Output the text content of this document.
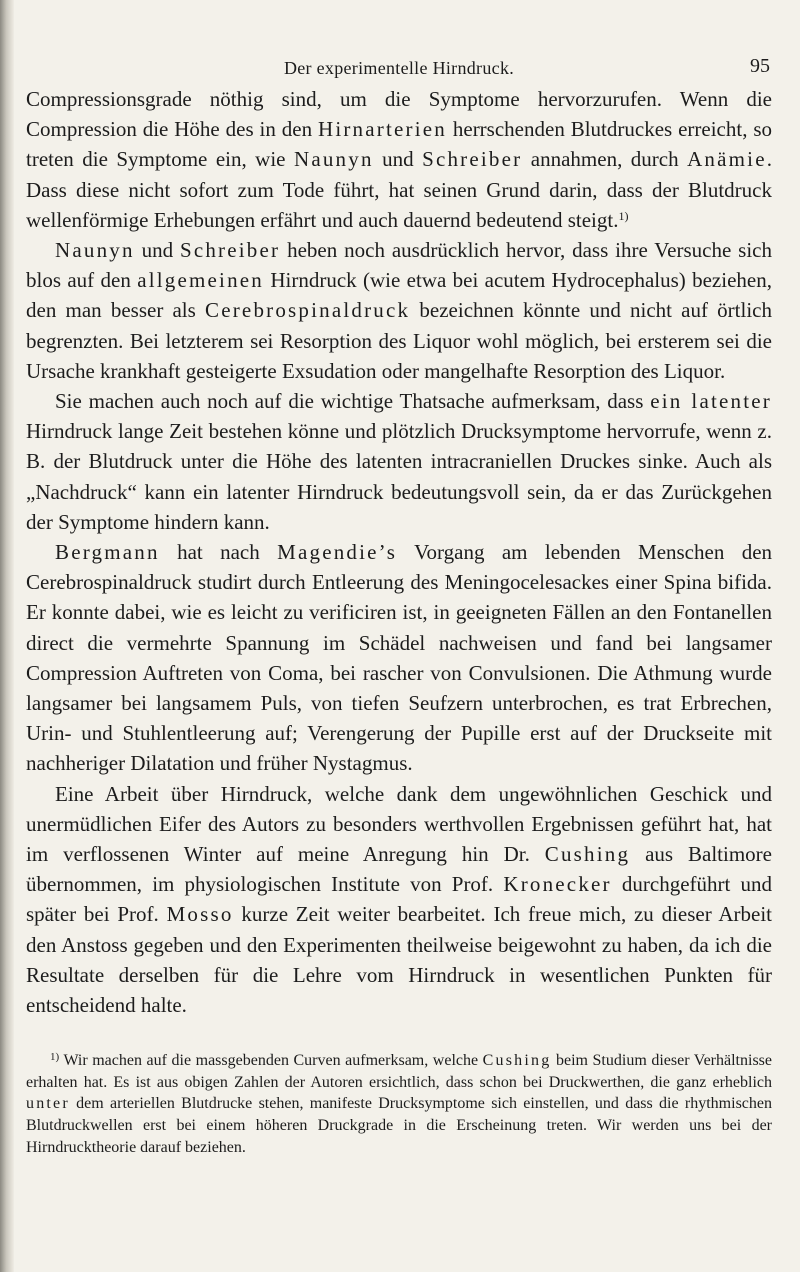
Der experimentelle Hirndruck.	95

Compressionsgrade nöthig sind, um die Symptome hervorzurufen. Wenn die Compression die Höhe des in den Hirnarterien herrschenden Blutdruckes erreicht, so treten die Symptome ein, wie Naunyn und Schreiber annahmen, durch Anämie. Dass diese nicht sofort zum Tode führt, hat seinen Grund darin, dass der Blutdruck wellenförmige Erhebungen erfährt und auch dauernd bedeutend steigt.$^{1)}$

Naunyn und Schreiber heben noch ausdrücklich hervor, dass ihre Versuche sich blos auf den allgemeinen Hirndruck (wie etwa bei acutem Hydrocephalus) beziehen, den man besser als Cerebrospinaldruck bezeichnen könnte und nicht auf örtlich begrenzten. Bei letzterem sei Resorption des Liquor wohl möglich, bei ersterem sei die Ursache krankhaft gesteigerte Exsudation oder mangelhafte Resorption des Liquor.

Sie machen auch noch auf die wichtige Thatsache aufmerksam, dass ein latenter Hirndruck lange Zeit bestehen könne und plötzlich Drucksymptome hervorrufe, wenn z. B. der Blutdruck unter die Höhe des latenten intracraniellen Druckes sinke. Auch als „Nachdruck“ kann ein latenter Hirndruck bedeutungsvoll sein, da er das Zurückgehen der Symptome hindern kann.

Bergmann hat nach Magendie’s Vorgang am lebenden Menschen den Cerebrospinaldruck studirt durch Entleerung des Meningocelesackes einer Spina bifida. Er konnte dabei, wie es leicht zu verificiren ist, in geeigneten Fällen an den Fontanellen direct die vermehrte Spannung im Schädel nachweisen und fand bei langsamer Compression Auftreten von Coma, bei rascher von Convulsionen. Die Athmung wurde langsamer bei langsamem Puls, von tiefen Seufzern unterbrochen, es trat Erbrechen, Urin- und Stuhlentleerung auf; Verengerung der Pupille erst auf der Druckseite mit nachheriger Dilatation und früher Nystagmus.

Eine Arbeit über Hirndruck, welche dank dem ungewöhnlichen Geschick und unermüdlichen Eifer des Autors zu besonders werthvollen Ergebnissen geführt hat, hat im verflossenen Winter auf meine Anregung hin Dr. Cushing aus Baltimore übernommen, im physiologischen Institute von Prof. Kronecker durchgeführt und später bei Prof. Mosso kurze Zeit weiter bearbeitet. Ich freue mich, zu dieser Arbeit den Anstoss gegeben und den Experimenten theilweise beigewohnt zu haben, da ich die Resultate derselben für die Lehre vom Hirndruck in wesentlichen Punkten für entscheidend halte.

$^{1)}$ Wir machen auf die massgebenden Curven aufmerksam, welche Cushing beim Studium dieser Verhältnisse erhalten hat. Es ist aus obigen Zahlen der Autoren ersichtlich, dass schon bei Druckwerthen, die ganz erheblich unter dem arteriellen Blutdrucke stehen, manifeste Drucksymptome sich einstellen, und dass die rhythmischen Blutdruckwellen erst bei einem höheren Druckgrade in die Erscheinung treten. Wir werden uns bei der Hirndrucktheorie darauf beziehen.
